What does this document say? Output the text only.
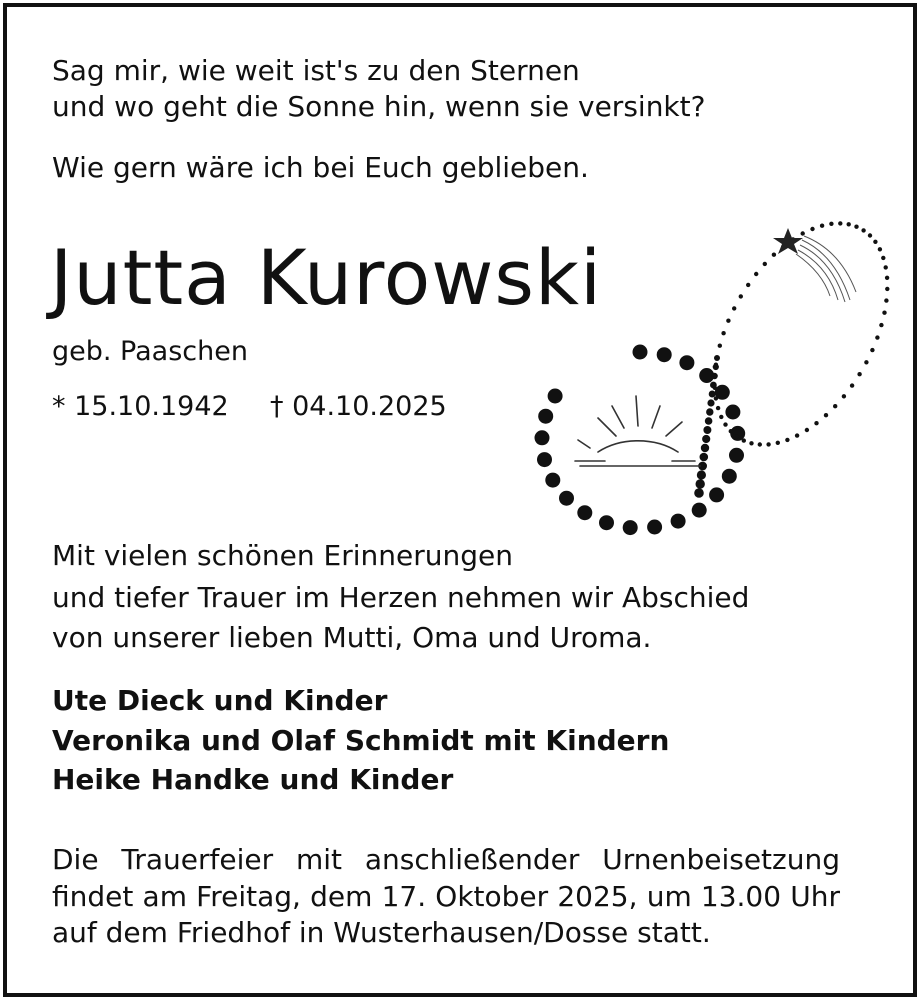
Sag mir, wie weit ist's zu den Sternen
und wo geht die Sonne hin, wenn sie versinkt?
Wie gern wäre ich bei Euch geblieben.
Jutta Kurowski
geb. Paaschen
* 15.10.1942 † 04.10.2025
Mit vielen schönen Erinnerungen
und tiefer Trauer im Herzen nehmen wir Abschied
von unserer lieben Mutti, Oma und Uroma.
Ute Dieck und Kinder
Veronika und Olaf Schmidt mit Kindern
Heike Handke und Kinder
Die Trauerfeier mit anschließender Urnenbeisetzung
findet am Freitag, dem 17. Oktober 2025, um 13.00 Uhr
auf dem Friedhof in Wusterhausen/Dosse statt.
